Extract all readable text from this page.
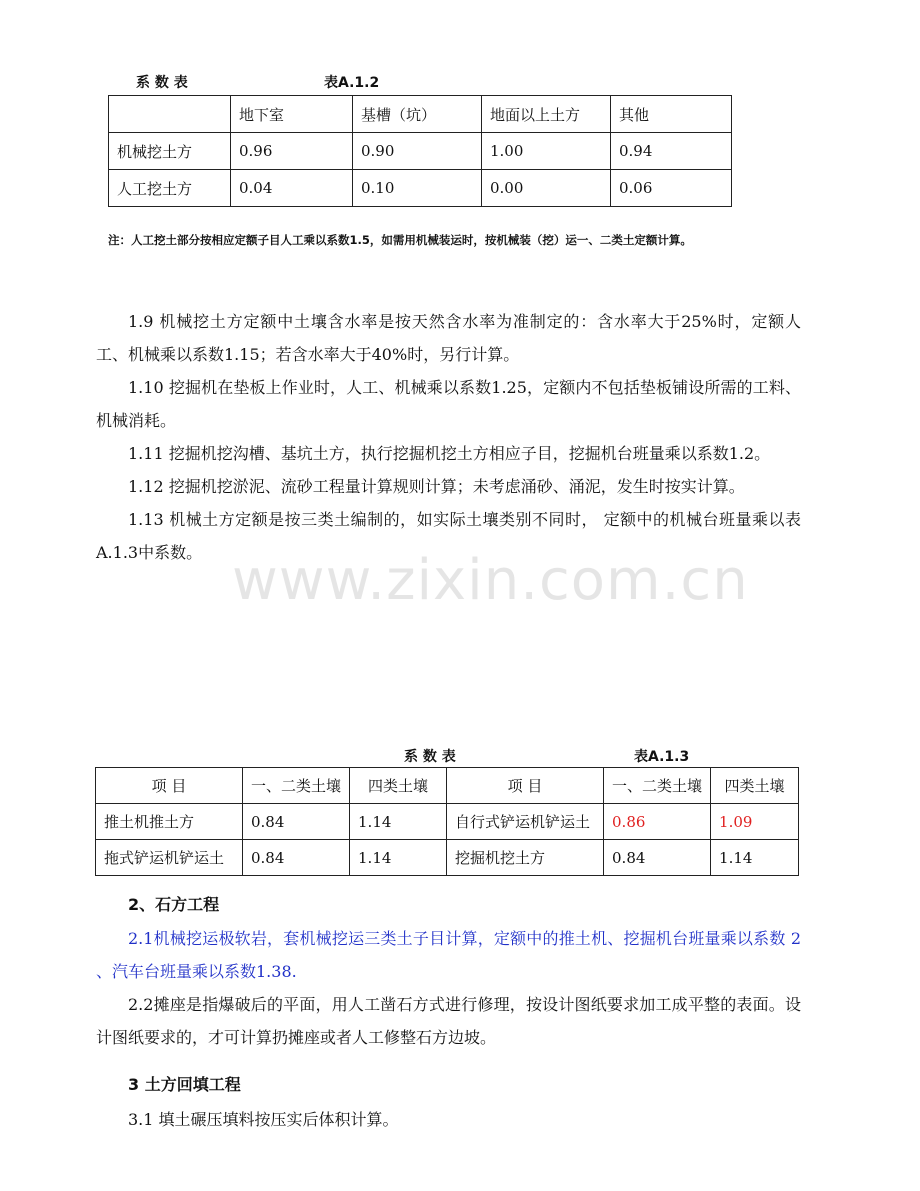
系 数 表	表A.1.2
	地下室	基槽（坑）	地面以上土方	其他
机械挖土方	0.96	0.90	1.00	0.94
人工挖土方	0.04	0.10	0.00	0.06
注：人工挖土部分按相应定额子目人工乘以系数1.5，如需用机械装运时，按机械装（挖）运一、二类土定额计算。

1.9 机械挖土方定额中土壤含水率是按天然含水率为准制定的：含水率大于25%时，定额人工、机械乘以系数1.15；若含水率大于40%时，另行计算。

1.10 挖掘机在垫板上作业时，人工、机械乘以系数1.25，定额内不包括垫板铺设所需的工料、机械消耗。

1.11 挖掘机挖沟槽、基坑土方，执行挖掘机挖土方相应子目，挖掘机台班量乘以系数1.2。

1.12 挖掘机挖淤泥、流砂工程量计算规则计算；未考虑涌砂、涌泥，发生时按实计算。

1.13 机械土方定额是按三类土编制的，如实际土壤类别不同时， 定额中的机械台班量乘以表A.1.3中系数。 www.zixin.com.cn
系 数 表	表A.1.3
项 目	一、二类土壤	四类土壤	项 目	一、二类土壤	四类土壤
推土机推土方	0.84	1.14	自行式铲运机铲运土	0.86	1.09
拖式铲运机铲运土	0.84	1.14	挖掘机挖土方	0.84	1.14
2、石方工程

2.1机械挖运极软岩，套机械挖运三类土子目计算，定额中的推土机、挖掘机台班量乘以系数 2 、汽车台班量乘以系数1.38.

2.2摊座是指爆破后的平面，用人工凿石方式进行修理，按设计图纸要求加工成平整的表面。设计图纸要求的，才可计算扔摊座或者人工修整石方边坡。

3 土方回填工程

3.1 填土碾压填料按压实后体积计算。
